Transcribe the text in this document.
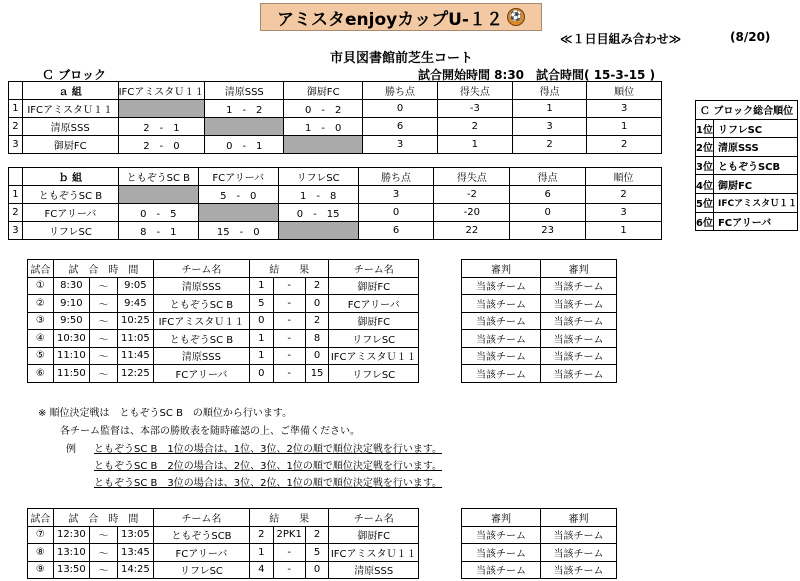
アミスタenjoyカップU-１２ ⚽
≪１日目組み合わせ≫	(8/20)
市貝図書館前芝生コート
Ｃ ブロック	試合開始時間 8:30　試合時間( 15-3-15 )
	ａ 組	IFCアミスタＵ１１	清原SSS	御厨FC	勝ち点	得失点	得点	順位
1	IFCアミスタＵ１１		1　-　2	0　-　2	0	-3	1	3
2	清原SSS	2　-　1		1　-　0	6	2	3	1
3	御厨FC	2　-　0	0　-　1		3	1	2	2
	ｂ 組	ともぞうSC B	FCアリーバ	リフレSC	勝ち点	得失点	得点	順位
1	ともぞうSC B		5　-　0	1　-　8	3	-2	6	2
2	FCアリーバ	0　-　5		0　-　15	0	-20	0	3
3	リフレSC	8　-　1	15　-　0		6	22	23	1
Ｃ ブロック総合順位	
1位	リフレSC
2位	清原SSS
3位	ともぞうSCB
4位	御厨FC
5位	IFCアミスタＵ１１
6位	FCアリーバ
試合	試　合　時　間			チーム名	結　　果			チーム名
①	8:30	〜	9:05	清原SSS	1	-	2	御厨FC
②	9:10	〜	9:45	ともぞうSC B	5	-	0	FCアリーバ
③	9:50	〜	10:25	IFCアミスタＵ１１	0	-	2	御厨FC
④	10:30	〜	11:05	ともぞうSC B	1	-	8	リフレSC
⑤	11:10	〜	11:45	清原SSS	1	-	0	IFCアミスタＵ１１
⑥	11:50	〜	12:25	FCアリーバ	0	-	15	リフレSC
審判	審判
当該チーム	当該チーム
当該チーム	当該チーム
当該チーム	当該チーム
当該チーム	当該チーム
当該チーム	当該チーム
当該チーム	当該チーム
※ 順位決定戦は　ともぞうSC B　の順位から行います。
各チーム監督は、本部の勝敗表を随時確認の上、ご準備ください。
例 ともぞうSC B　1位の場合は、1位、3位、2位の順で順位決定戦を行います。
ともぞうSC B　2位の場合は、2位、3位、1位の順で順位決定戦を行います。
ともぞうSC B　3位の場合は、3位、2位、1位の順で順位決定戦を行います。
試合	試　合　時　間			チーム名	結　　果			チーム名
⑦	12:30	〜	13:05	ともぞうSCB	2	2PK1	2	御厨FC
⑧	13:10	〜	13:45	FCアリーバ	1	-	5	IFCアミスタＵ１１
⑨	13:50	〜	14:25	リフレSC	4	-	0	清原SSS
審判	審判
当該チーム	当該チーム
当該チーム	当該チーム
当該チーム	当該チーム
